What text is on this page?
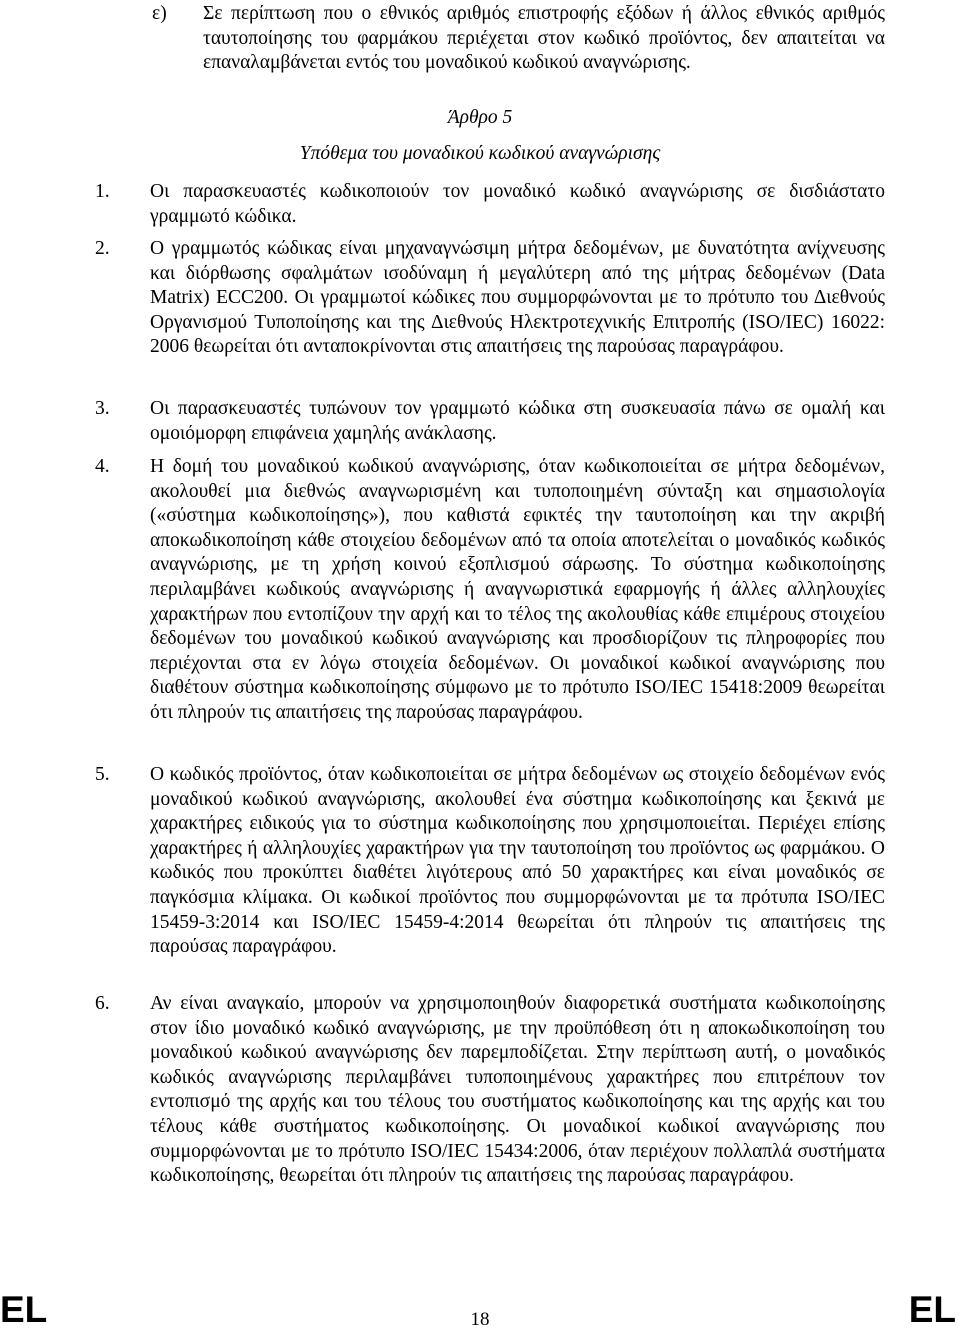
ε) Σε περίπτωση που ο εθνικός αριθμός επιστροφής εξόδων ή άλλος εθνικός αριθμός ταυτοποίησης του φαρμάκου περιέχεται στον κωδικό προϊόντος, δεν απαιτείται να επαναλαμβάνεται εντός του μοναδικού κωδικού αναγνώρισης.
Άρθρο 5
Υπόθεμα του μοναδικού κωδικού αναγνώρισης
1. Οι παρασκευαστές κωδικοποιούν τον μοναδικό κωδικό αναγνώρισης σε δισδιάστατο γραμμωτό κώδικα.
2. Ο γραμμωτός κώδικας είναι μηχαναγνώσιμη μήτρα δεδομένων, με δυνατότητα ανίχνευσης και διόρθωσης σφαλμάτων ισοδύναμη ή μεγαλύτερη από της μήτρας δεδομένων (Data Matrix) ECC200. Οι γραμμωτοί κώδικες που συμμορφώνονται με το πρότυπο του Διεθνούς Οργανισμού Τυποποίησης και της Διεθνούς Ηλεκτροτεχνικής Επιτροπής (ISO/IEC) 16022: 2006 θεωρείται ότι ανταποκρίνονται στις απαιτήσεις της παρούσας παραγράφου.
3. Οι παρασκευαστές τυπώνουν τον γραμμωτό κώδικα στη συσκευασία πάνω σε ομαλή και ομοιόμορφη επιφάνεια χαμηλής ανάκλασης.
4. Η δομή του μοναδικού κωδικού αναγνώρισης, όταν κωδικοποιείται σε μήτρα δεδομένων, ακολουθεί μια διεθνώς αναγνωρισμένη και τυποποιημένη σύνταξη και σημασιολογία («σύστημα κωδικοποίησης»), που καθιστά εφικτές την ταυτοποίηση και την ακριβή αποκωδικοποίηση κάθε στοιχείου δεδομένων από τα οποία αποτελείται ο μοναδικός κωδικός αναγνώρισης, με τη χρήση κοινού εξοπλισμού σάρωσης. Το σύστημα κωδικοποίησης περιλαμβάνει κωδικούς αναγνώρισης ή αναγνωριστικά εφαρμογής ή άλλες αλληλουχίες χαρακτήρων που εντοπίζουν την αρχή και το τέλος της ακολουθίας κάθε επιμέρους στοιχείου δεδομένων του μοναδικού κωδικού αναγνώρισης και προσδιορίζουν τις πληροφορίες που περιέχονται στα εν λόγω στοιχεία δεδομένων. Οι μοναδικοί κωδικοί αναγνώρισης που διαθέτουν σύστημα κωδικοποίησης σύμφωνο με το πρότυπο ISO/IEC 15418:2009 θεωρείται ότι πληρούν τις απαιτήσεις της παρούσας παραγράφου.
5. Ο κωδικός προϊόντος, όταν κωδικοποιείται σε μήτρα δεδομένων ως στοιχείο δεδομένων ενός μοναδικού κωδικού αναγνώρισης, ακολουθεί ένα σύστημα κωδικοποίησης και ξεκινά με χαρακτήρες ειδικούς για το σύστημα κωδικοποίησης που χρησιμοποιείται. Περιέχει επίσης χαρακτήρες ή αλληλουχίες χαρακτήρων για την ταυτοποίηση του προϊόντος ως φαρμάκου. Ο κωδικός που προκύπτει διαθέτει λιγότερους από 50 χαρακτήρες και είναι μοναδικός σε παγκόσμια κλίμακα. Οι κωδικοί προϊόντος που συμμορφώνονται με τα πρότυπα ISO/IEC 15459-3:2014 και ISO/IEC 15459-4:2014 θεωρείται ότι πληρούν τις απαιτήσεις της παρούσας παραγράφου.
6. Αν είναι αναγκαίο, μπορούν να χρησιμοποιηθούν διαφορετικά συστήματα κωδικοποίησης στον ίδιο μοναδικό κωδικό αναγνώρισης, με την προϋπόθεση ότι η αποκωδικοποίηση του μοναδικού κωδικού αναγνώρισης δεν παρεμποδίζεται. Στην περίπτωση αυτή, ο μοναδικός κωδικός αναγνώρισης περιλαμβάνει τυποποιημένους χαρακτήρες που επιτρέπουν τον εντοπισμό της αρχής και του τέλους του συστήματος κωδικοποίησης και της αρχής και του τέλους κάθε συστήματος κωδικοποίησης. Οι μοναδικοί κωδικοί αναγνώρισης που συμμορφώνονται με το πρότυπο ISO/IEC 15434:2006, όταν περιέχουν πολλαπλά συστήματα κωδικοποίησης, θεωρείται ότι πληρούν τις απαιτήσεις της παρούσας παραγράφου.
EL	18	EL
